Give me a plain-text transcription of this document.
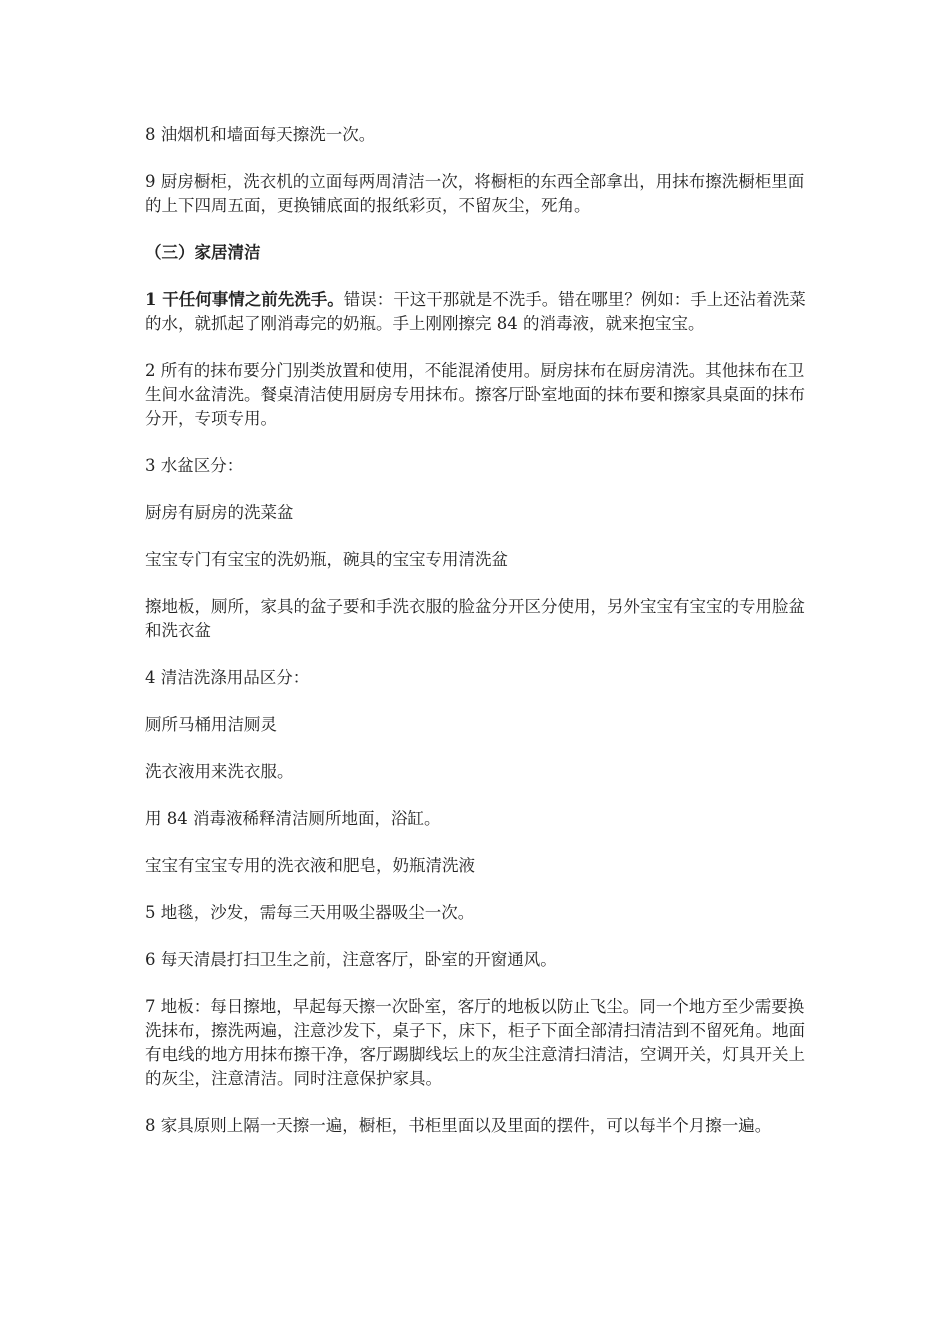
8 油烟机和墙面每天擦洗一次。

9 厨房橱柜，洗衣机的立面每两周清洁一次，将橱柜的东西全部拿出，用抹布擦洗橱柜里面的上下四周五面，更换铺底面的报纸彩页，不留灰尘，死角。

（三）家居清洁

1 干任何事情之前先洗手。错误：干这干那就是不洗手。错在哪里？例如：手上还沾着洗菜的水，就抓起了刚消毒完的奶瓶。手上刚刚擦完 84 的消毒液，就来抱宝宝。

2 所有的抹布要分门别类放置和使用，不能混淆使用。厨房抹布在厨房清洗。其他抹布在卫生间水盆清洗。餐桌清洁使用厨房专用抹布。擦客厅卧室地面的抹布要和擦家具桌面的抹布分开，专项专用。

3 水盆区分：

厨房有厨房的洗菜盆

宝宝专门有宝宝的洗奶瓶，碗具的宝宝专用清洗盆

擦地板，厕所，家具的盆子要和手洗衣服的脸盆分开区分使用，另外宝宝有宝宝的专用脸盆和洗衣盆

4 清洁洗涤用品区分：

厕所马桶用洁厕灵

洗衣液用来洗衣服。

用 84 消毒液稀释清洁厕所地面，浴缸。

宝宝有宝宝专用的洗衣液和肥皂，奶瓶清洗液

5 地毯，沙发，需每三天用吸尘器吸尘一次。

6 每天清晨打扫卫生之前，注意客厅，卧室的开窗通风。

7 地板：每日擦地，早起每天擦一次卧室，客厅的地板以防止飞尘。同一个地方至少需要换洗抹布，擦洗两遍，注意沙发下，桌子下，床下，柜子下面全部清扫清洁到不留死角。地面有电线的地方用抹布擦干净，客厅踢脚线坛上的灰尘注意清扫清洁，空调开关，灯具开关上的灰尘，注意清洁。同时注意保护家具。

8 家具原则上隔一天擦一遍，橱柜，书柜里面以及里面的摆件，可以每半个月擦一遍。
